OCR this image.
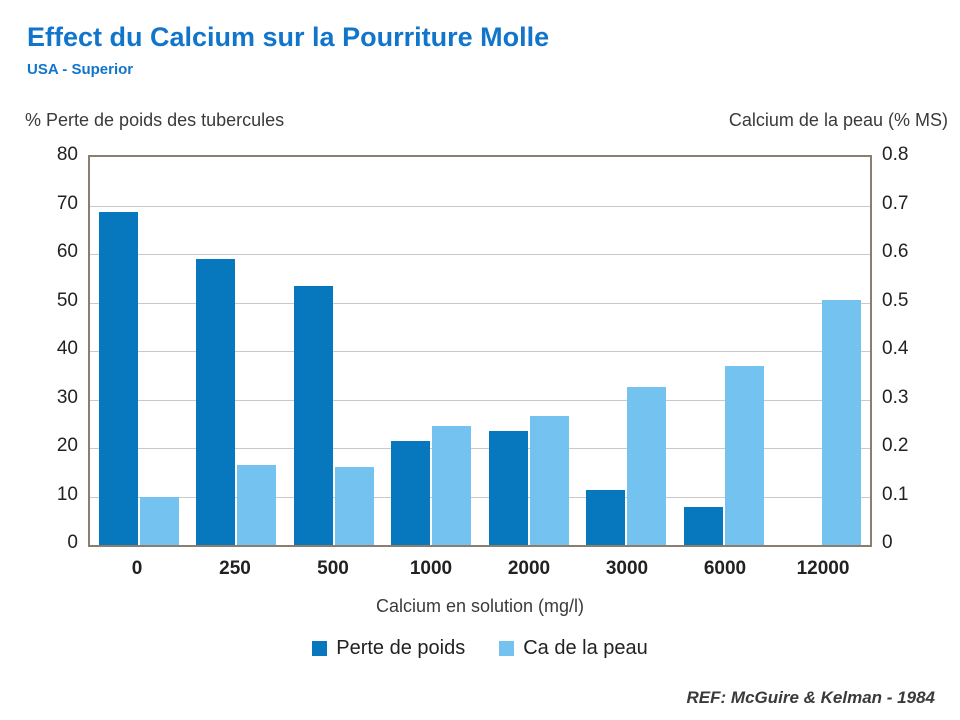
Effect du Calcium sur la Pourriture Molle
USA - Superior
% Perte de poids des tubercules	Calcium de la peau (% MS)
0
10
20
30
40
50
60
70
80
0
0.1
0.2
0.3
0.4
0.5
0.6
0.7
0.8
0	250	500	1000	2000	3000	6000	12000
Calcium en solution (mg/l)
Perte de poids	Ca de la peau
REF: McGuire & Kelman - 1984
